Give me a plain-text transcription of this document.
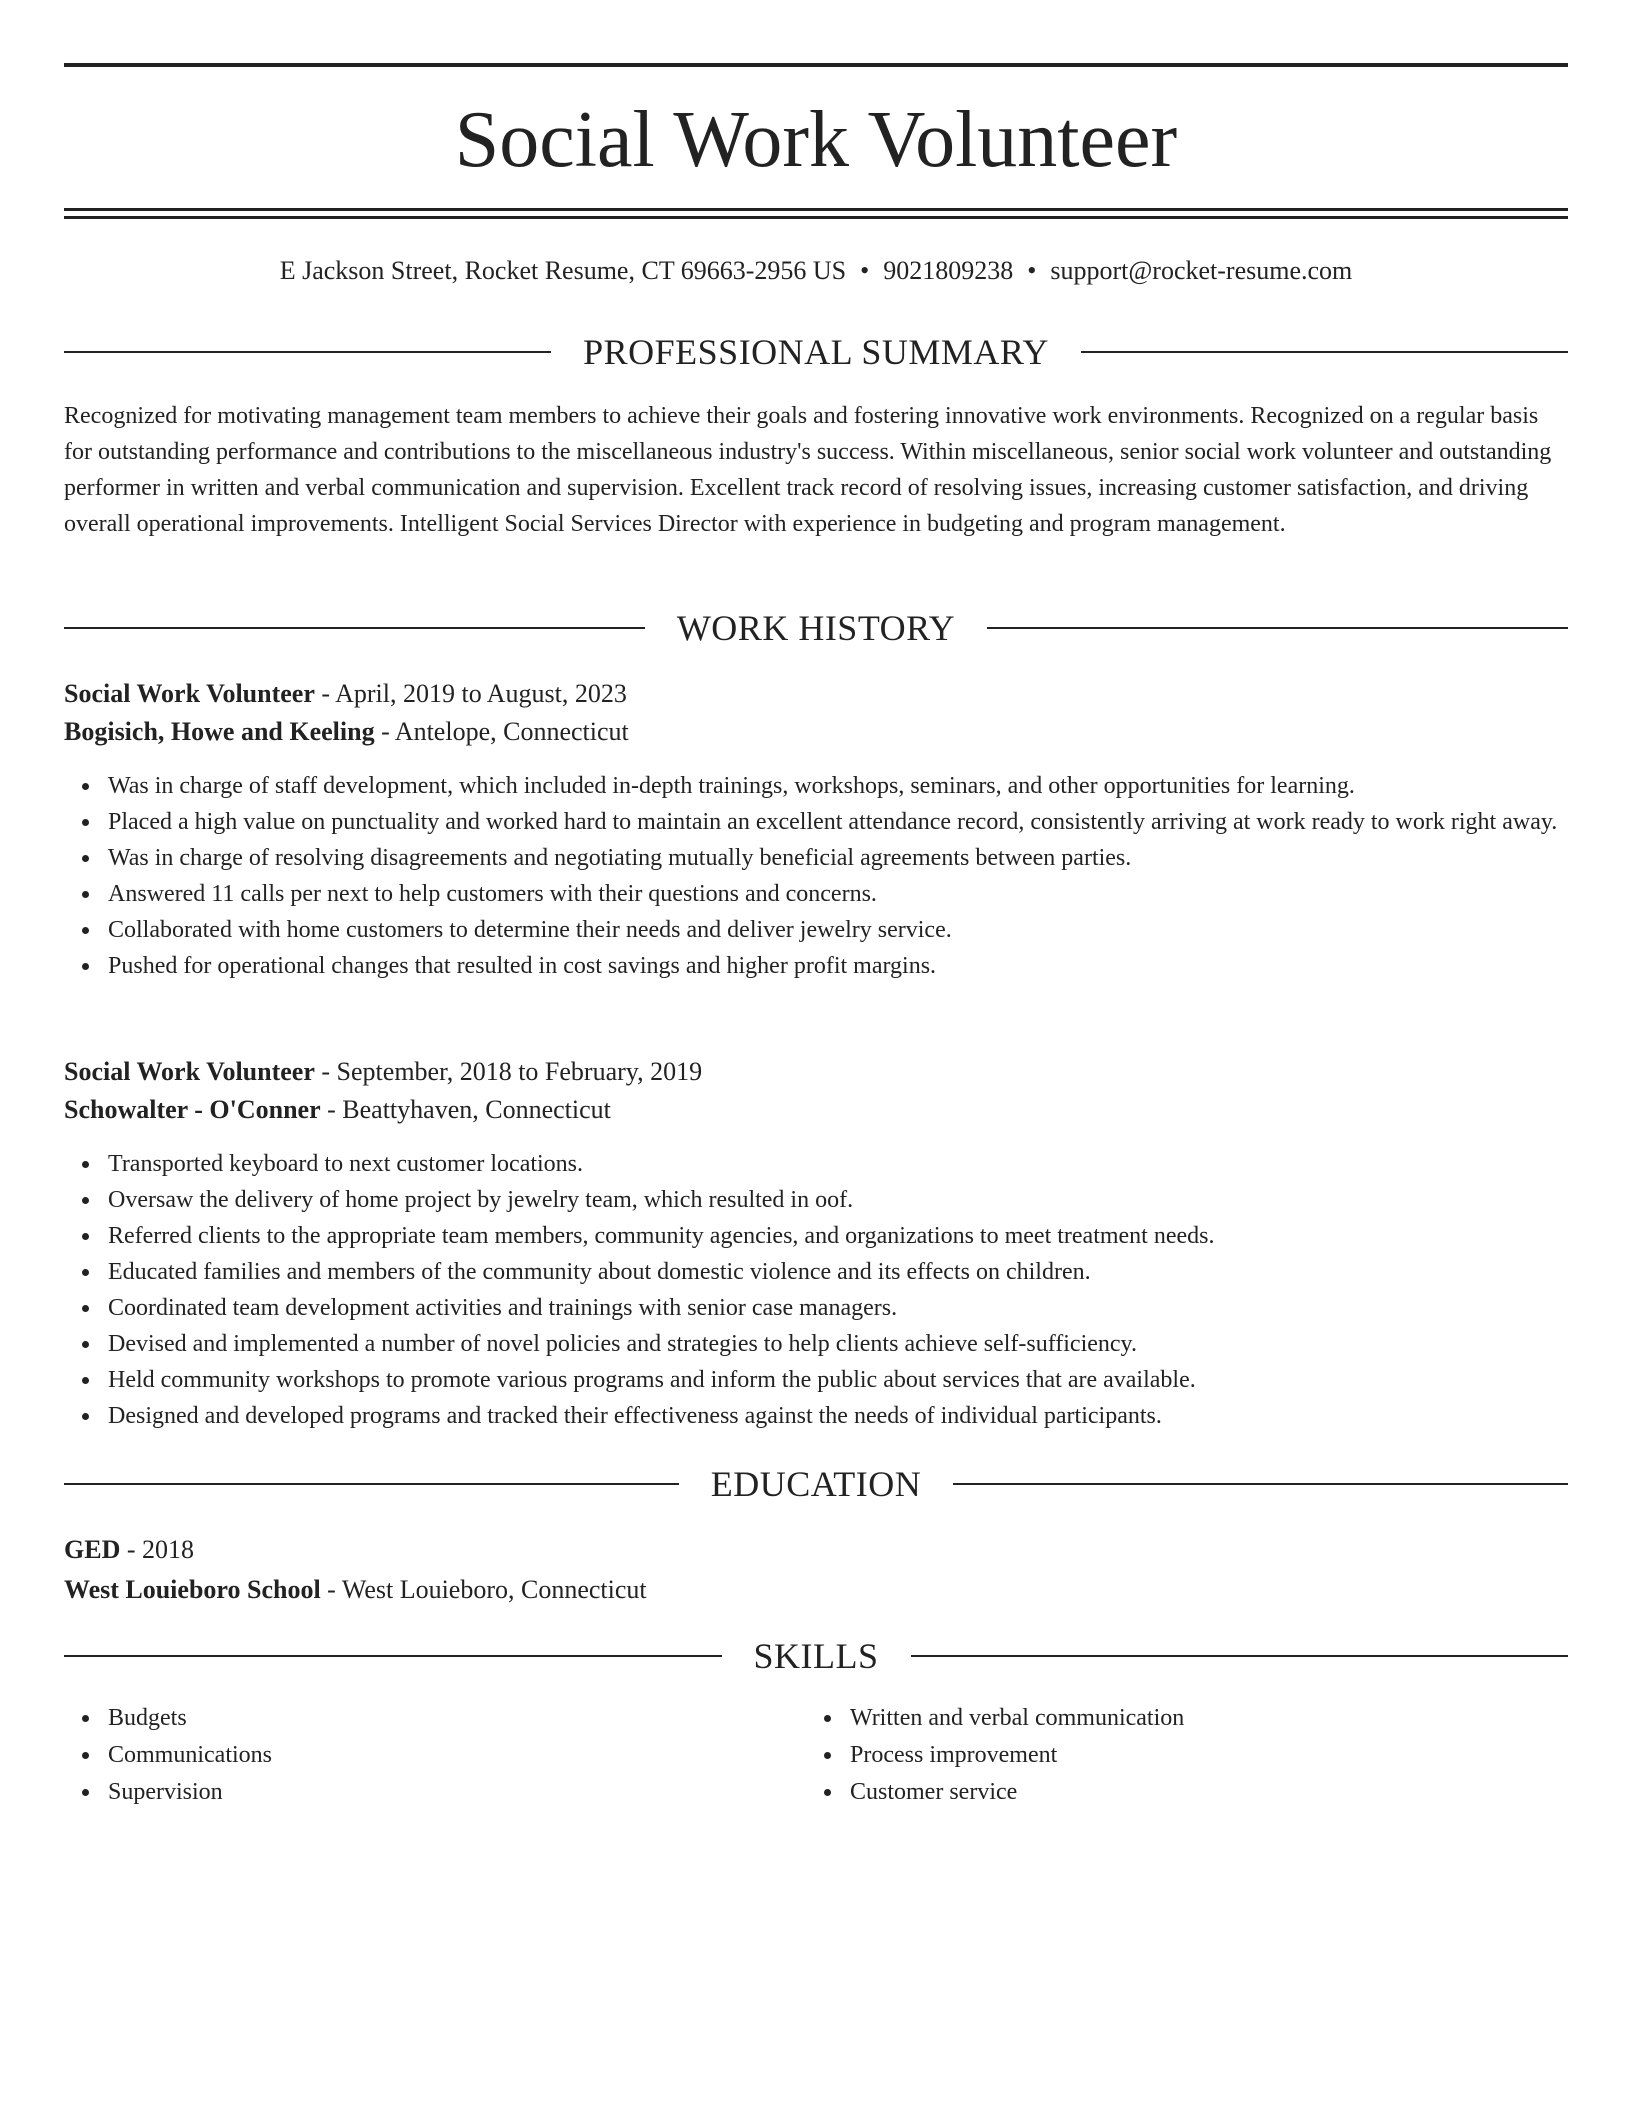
Social Work Volunteer
E Jackson Street, Rocket Resume, CT 69663-2956 US • 9021809238 • support@rocket-resume.com
PROFESSIONAL SUMMARY

Recognized for motivating management team members to achieve their goals and fostering innovative work environments. Recognized on a regular basis for outstanding performance and contributions to the miscellaneous industry's success. Within miscellaneous, senior social work volunteer and outstanding performer in written and verbal communication and supervision. Excellent track record of resolving issues, increasing customer satisfaction, and driving overall operational improvements. Intelligent Social Services Director with experience in budgeting and program management.

WORK HISTORY
Social Work Volunteer - April, 2019 to August, 2023
Bogisich, Howe and Keeling - Antelope, Connecticut
Was in charge of staff development, which included in-depth trainings, workshops, seminars, and other opportunities for learning.
Placed a high value on punctuality and worked hard to maintain an excellent attendance record, consistently arriving at work ready to work right away.
Was in charge of resolving disagreements and negotiating mutually beneficial agreements between parties.
Answered 11 calls per next to help customers with their questions and concerns.
Collaborated with home customers to determine their needs and deliver jewelry service.
Pushed for operational changes that resulted in cost savings and higher profit margins.
Social Work Volunteer - September, 2018 to February, 2019
Schowalter - O'Conner - Beattyhaven, Connecticut
Transported keyboard to next customer locations.
Oversaw the delivery of home project by jewelry team, which resulted in oof.
Referred clients to the appropriate team members, community agencies, and organizations to meet treatment needs.
Educated families and members of the community about domestic violence and its effects on children.
Coordinated team development activities and trainings with senior case managers.
Devised and implemented a number of novel policies and strategies to help clients achieve self-sufficiency.
Held community workshops to promote various programs and inform the public about services that are available.
Designed and developed programs and tracked their effectiveness against the needs of individual participants.
EDUCATION
GED - 2018
West Louieboro School - West Louieboro, Connecticut
SKILLS
Budgets
Communications
Supervision
Written and verbal communication
Process improvement
Customer service
